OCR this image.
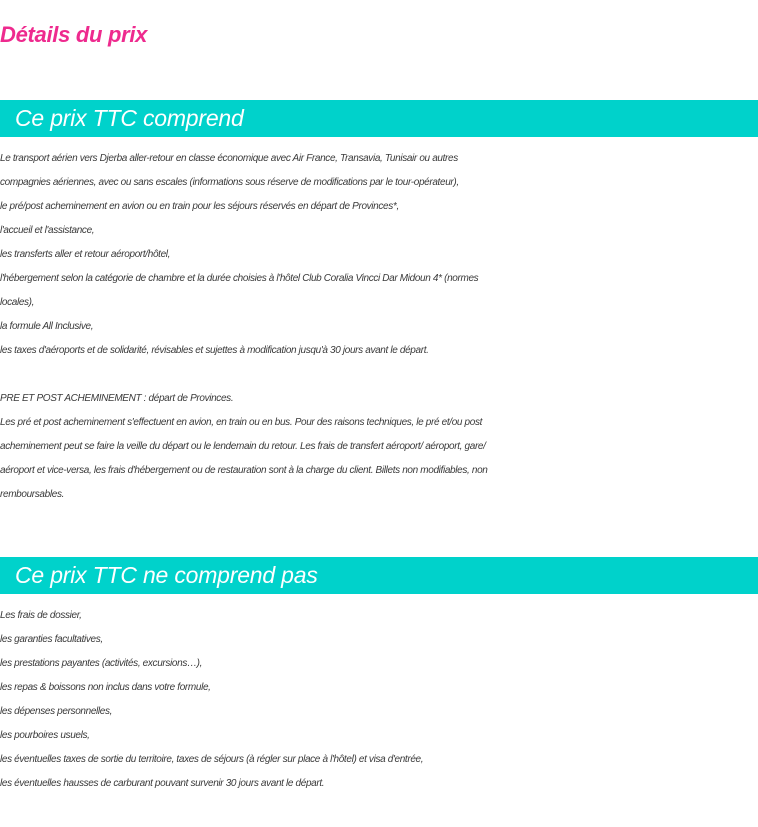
Détails du prix
Ce prix TTC comprend
Le transport aérien vers Djerba aller-retour en classe économique avec Air France, Transavia, Tunisair ou autres
compagnies aériennes, avec ou sans escales (informations sous réserve de modifications par le tour-opérateur),
le pré/post acheminement en avion ou en train pour les séjours réservés en départ de Provinces*,
l'accueil et l'assistance,
les transferts aller et retour aéroport/hôtel,
l'hébergement selon la catégorie de chambre et la durée choisies à l'hôtel Club Coralia Vincci Dar Midoun 4* (normes
locales),
la formule All Inclusive,
les taxes d'aéroports et de solidarité, révisables et sujettes à modification jusqu'à 30 jours avant le départ.
PRE ET POST ACHEMINEMENT : départ de Provinces.
Les pré et post acheminement s'effectuent en avion, en train ou en bus. Pour des raisons techniques, le pré et/ou post
acheminement peut se faire la veille du départ ou le lendemain du retour. Les frais de transfert aéroport/ aéroport, gare/
aéroport et vice-versa, les frais d'hébergement ou de restauration sont à la charge du client. Billets non modifiables, non
remboursables.
Ce prix TTC ne comprend pas
Les frais de dossier,
les garanties facultatives,
les prestations payantes (activités, excursions…),
les repas & boissons non inclus dans votre formule,
les dépenses personnelles,
les pourboires usuels,
les éventuelles taxes de sortie du territoire, taxes de séjours (à régler sur place à l'hôtel) et visa d'entrée,
les éventuelles hausses de carburant pouvant survenir 30 jours avant le départ.
